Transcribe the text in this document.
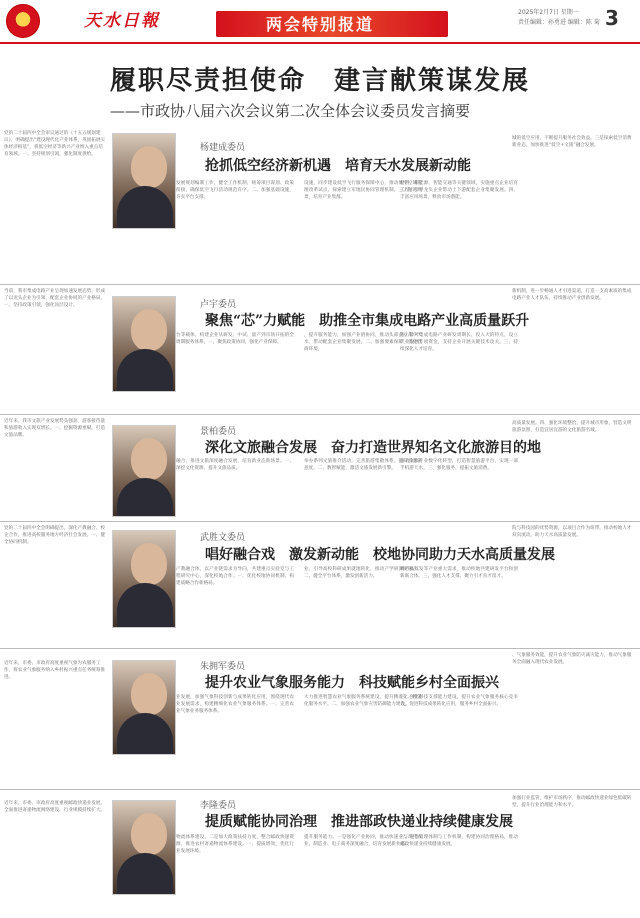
★	天水日報	两会特别报道
2025年2月7日 星期一
责任编辑：孙勇进 编辑：陈 菊 3
履职尽责担使命　建言献策谋发展
——市政协八届六次会议第二次全体会议委员发言摘要
党的二十届四中全会审议通过的《十五五规划建议》，明确提出“建设现代化产业体系，巩固拓展实体经济根基”，将低空经济等新兴产业纳入重点培育领域。一、坚持规划引领，强化制度供给。
当前，我市集成电路产业呈现加速发展态势，形成了以龙头企业为引领、配套企业协同的产业格局。一、坚持政策引领，强化顶层设计。
近年来，我市文旅产业发展势头强劲，游客接待量和旅游收入实现双增长。一、挖掘资源禀赋，打造文旅品牌。
党的二十届四中全会明确提出，深化产教融合、校企合作，推进高校服务地方经济社会发展。一、健全协同机制。
近年来，市委、市政府高度重视气象为农服务工作，将农业气象服务纳入乡村振兴重点任务统筹推进。
近年来，市委、市政府高度重视邮政快递业发展，全面推进寄递物流网络建设，行业规模持续扩大。
杨建成委员
抢抓低空经济新机遇　培育天水发展新动能
发展规划编制工作，健全工作机制，统筹项目谋划、政策衔接，确保低空飞行活动规范有序。二、加强基础设施，夯实平台支撑。
设施，同步建设低空飞行服务保障中心，推动低空空域管理改革试点，探索建立军地民协同管理机制。三、精选场景，培育产业集群。
材料、新能源、智能交通等关键领域，实施重点企业培育工程，引导龙头企业带动上下游配套企业集聚发展。四、丰富应用场景，释放市场潜能。
城的低空应用，不断提升服务社会效益。三是探索低空消费新业态，加快推进“低空+文旅”融合发展。
卢宇委员
聚焦“芯”力赋能　助推全市集成电路产业高质量跃升
台等载体，构建企业从研发、中试、量产到市场开拓的全周期服务体系。一、聚焦政策协同，强化产业保障。
，提升服务能力，加强产业链协同，推动头部企业落户天水，带动配套企业集聚发展。二、加强要素保障，优化营商环境。
新、针对集成电路产业研发周期长、投入大的特点，设立产业发展专项资金，支持企业开展关键技术攻关。三、持续深化人才培育。
新机制，进一步畅通人才引进渠道，打造一支高素质的集成电路产业人才队伍，持续推动产业创新发展。
景柏委员
深化文旅融合发展　奋力打造世界知名文化旅游目的地
融合，推进文旅深度融合发展，培育新业态新场景。一、深挖文化资源，提升文旅品质。
举办系列文旅推介活动，完善旅游集散体系，提升游客满意度。二、数智赋能，激活文旅发展新引擎。
推动文旅产业数字化转型，打造智慧旅游平台，实现一部手机游天水。三、强化服务，提振文旅消费。
高质量发展。四、强化环境整治，提升城市形象，营造文明旅游氛围，打造宜居宜游的文化旅游名城。
武胜文委员
唱好融合戏　激发新动能　校地协同助力天水高质量发展
产教融合体，以产业链需求为导向，共建重点实验室与工程研究中心，深化校地合作。一、优化校地协同机制，构建战略合作新格局。
业、引导高校科研成果就地转化，推动产学研深度融合。二、健全平台体系，激发创新活力。
林产品开发等产业重大需求，推动校地共建研发平台和创新联合体。三、强化人才支撑，聚力引才育才留才。
院与科技园的优势资源，以项目合作为纽带，推动校地人才双向流动，助力天水高质量发展。
朱拥军委员
提升农业气象服务能力　科技赋能乡村全面振兴
业发展，加强气象科技创新与成果转化应用，围绕现代农业发展需求，构建精细化农业气象服务体系。一、完善农业气象业务服务体系。
大力推进智慧农业气象服务系统建设，提升精准化、智能化服务水平。二、加强农业气象灾害防御能力建设。
三、强化科技支撑能力建设，提升农业气象服务核心竞争力，促进科技成果转化应用，服务乡村全面振兴。
、气象服务效能，提升农业气象防灾减灾能力，推动气象服务全面融入现代农业发展。
李隆委员
提质赋能协同治理　推进部政快递业持续健康发展
物流体系建设。二是加大政策扶持力度，整合邮政快递资源，推进农村寄递物流体系建设。一、提质增效，优化行业发展环境。
提升服务能力。一是强化产业协同，推动快递业与现代农业、制造业、电子商务深度融合，培育发展新业态。
三、完善管理体制与工作机制，构建协同治理格局，推动邮政快递业持续健康发展。
加强行业监管，维护市场秩序，推动邮政快递业绿色低碳转型，提升行业治理能力和水平。
